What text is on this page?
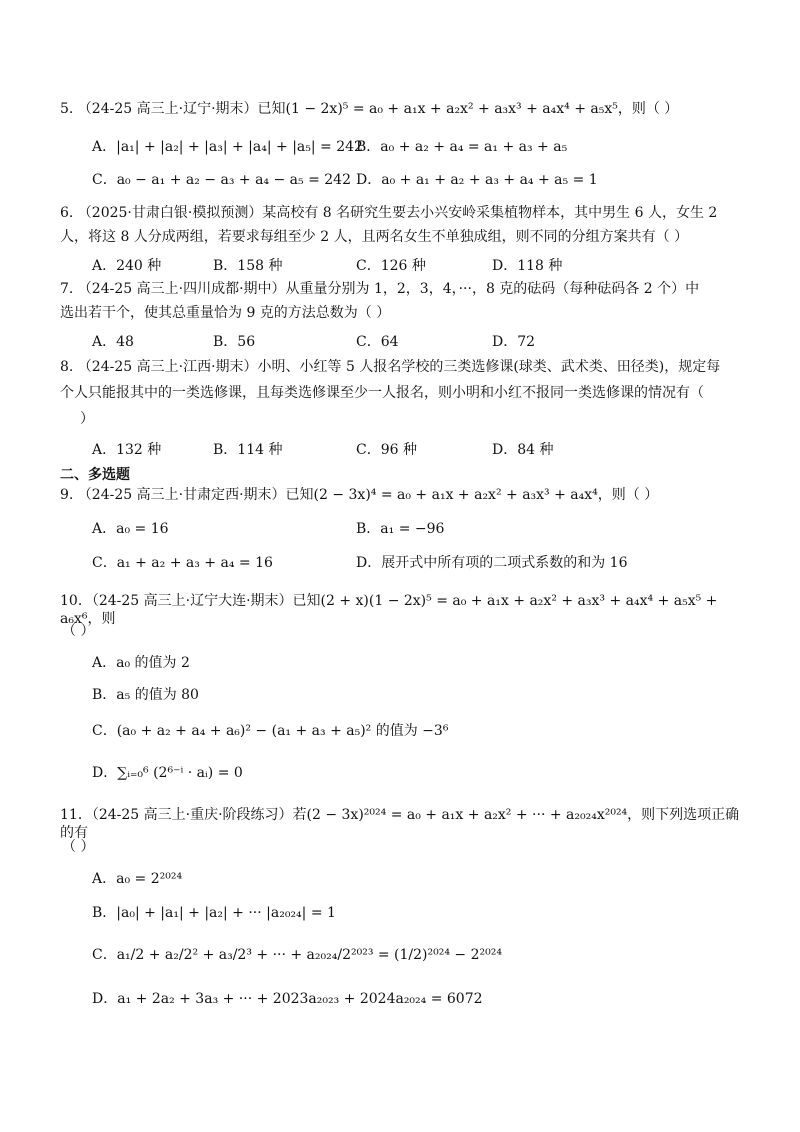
5. （24-25 高三上·辽宁·期末）已知(1 − 2x)⁵ = a₀ + a₁x + a₂x² + a₃x³ + a₄x⁴ + a₅x⁵，则（ ）
A．|a₁| + |a₂| + |a₃| + |a₄| + |a₅| = 242
B．a₀ + a₂ + a₄ = a₁ + a₃ + a₅
C．a₀ − a₁ + a₂ − a₃ + a₄ − a₅ = 242 D．a₀ + a₁ + a₂ + a₃ + a₄ + a₅ = 1
6. （2025·甘肃白银·模拟预测）某高校有 8 名研究生要去小兴安岭采集植物样本，其中男生 6 人，女生 2
人，将这 8 人分成两组，若要求每组至少 2 人，且两名女生不单独成组，则不同的分组方案共有（ ）
A．240 种	B．158 种	C．126 种	D．118 种
7. （24-25 高三上·四川成都·期中）从重量分别为 1，2，3，4，···，8 克的砝码（每种砝码各 2 个）中
选出若干个，使其总重量恰为 9 克的方法总数为（ ）
A．48	B．56	C．64	D．72
8. （24-25 高三上·江西·期末）小明、小红等 5 人报名学校的三类选修课(球类、武术类、田径类)，规定每
个人只能报其中的一类选修课，且每类选修课至少一人报名，则小明和小红不报同一类选修课的情况有（
）
A．132 种	B．114 种	C．96 种	D．84 种
二、多选题
9. （24-25 高三上·甘肃定西·期末）已知(2 − 3x)⁴ = a₀ + a₁x + a₂x² + a₃x³ + a₄x⁴，则（ ）
A．a₀ = 16	B．a₁ = −96
C．a₁ + a₂ + a₃ + a₄ = 16	D．展开式中所有项的二项式系数的和为 16
10．（24-25 高三上·辽宁大连·期末）已知(2 + x)(1 − 2x)⁵ = a₀ + a₁x + a₂x² + a₃x³ + a₄x⁴ + a₅x⁵ + a₆x⁶，则
（ ）
A．a₀ 的值为 2
B．a₅ 的值为 80
C．(a₀ + a₂ + a₄ + a₆)² − (a₁ + a₃ + a₅)² 的值为 −3⁶
D．∑ᵢ₌₀⁶ (2⁶⁻ⁱ · aᵢ) = 0
11．（24-25 高三上·重庆·阶段练习）若(2 − 3x)²⁰²⁴ = a₀ + a₁x + a₂x² + ··· + a₂₀₂₄x²⁰²⁴，则下列选项正确的有
（ ）
A．a₀ = 2²⁰²⁴
B．|a₀| + |a₁| + |a₂| + ··· |a₂₀₂₄| = 1
C．a₁/2 + a₂/2² + a₃/2³ + ··· + a₂₀₂₄/2²⁰²³ = (1/2)²⁰²⁴ − 2²⁰²⁴
D．a₁ + 2a₂ + 3a₃ + ··· + 2023a₂₀₂₃ + 2024a₂₀₂₄ = 6072
